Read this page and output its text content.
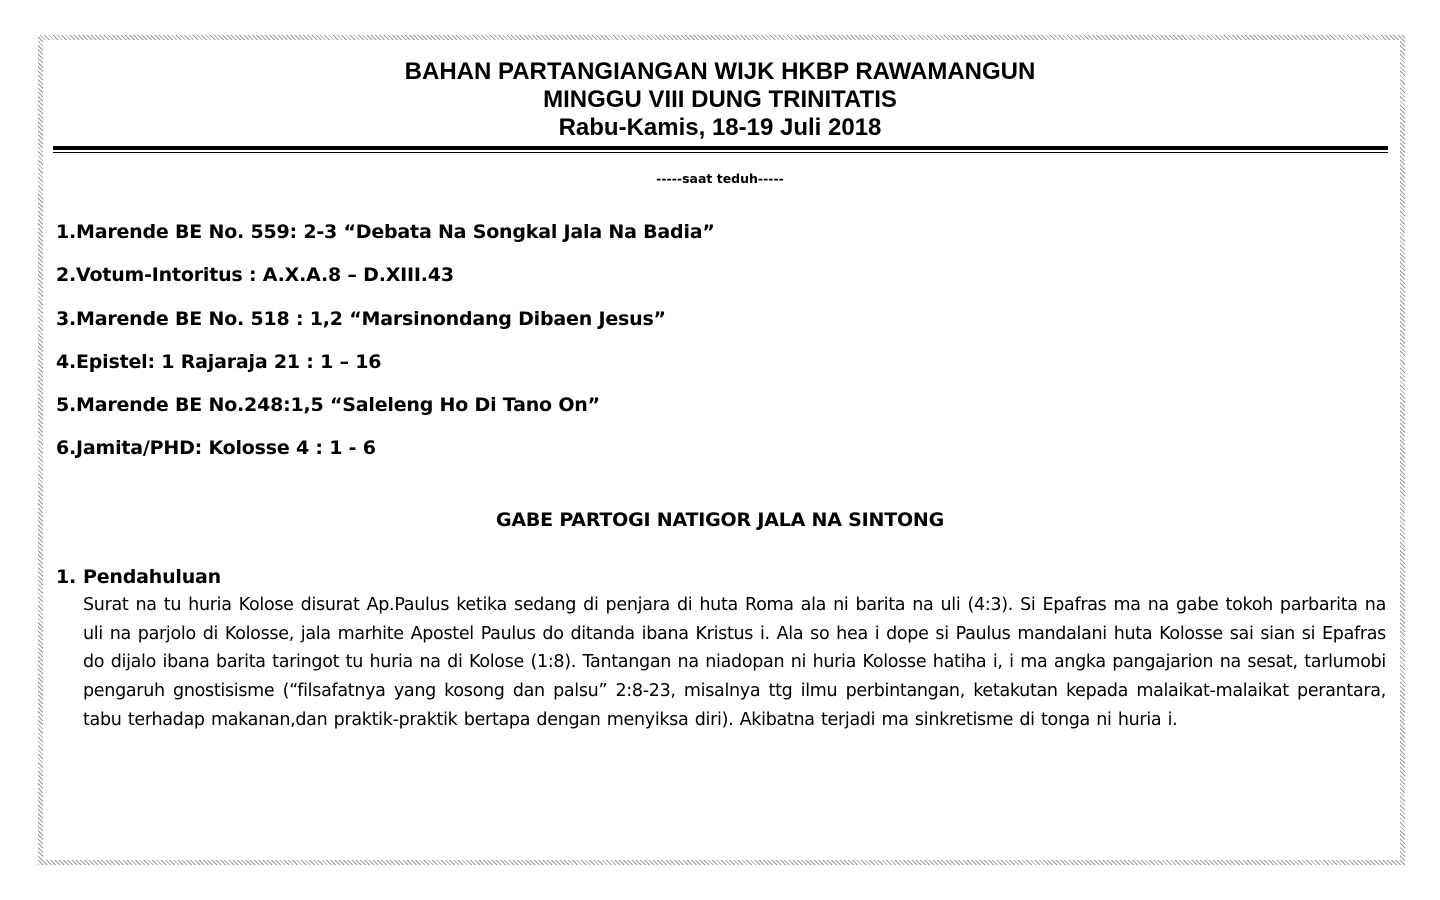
BAHAN PARTANGIANGAN WIJK HKBP RAWAMANGUN
MINGGU VIII DUNG TRINITATIS
Rabu-Kamis, 18-19 Juli 2018
-----saat teduh-----
1.Marende BE No. 559: 2-3 “Debata Na Songkal Jala Na Badia”
2.Votum-Intoritus : A.X.A.8 – D.XIII.43
3.Marende BE No. 518 : 1,2 “Marsinondang Dibaen Jesus”
4.Epistel: 1 Rajaraja 21 : 1 – 16
5.Marende BE No.248:1,5 “Saleleng Ho Di Tano On”
6.Jamita/PHD: Kolosse 4 : 1 - 6
GABE PARTOGI NATIGOR JALA NA SINTONG
1. Pendahuluan
Surat na tu huria Kolose disurat Ap.Paulus ketika sedang di penjara di huta Roma ala ni barita na uli (4:3). Si Epafras ma na gabe tokoh parbarita na uli na parjolo di Kolosse, jala marhite Apostel Paulus do ditanda ibana Kristus i. Ala so hea i dope si Paulus mandalani huta Kolosse sai sian si Epafras do dijalo ibana barita taringot tu huria na di Kolose (1:8). Tantangan na niadopan ni huria Kolosse hatiha i, i ma angka pangajarion na sesat, tarlumobi pengaruh gnostisisme (“filsafatnya yang kosong dan palsu” 2:8-23, misalnya ttg ilmu perbintangan, ketakutan kepada malaikat-malaikat perantara, tabu terhadap makanan,dan praktik-praktik bertapa dengan menyiksa diri). Akibatna terjadi ma sinkretisme di tonga ni huria i.
